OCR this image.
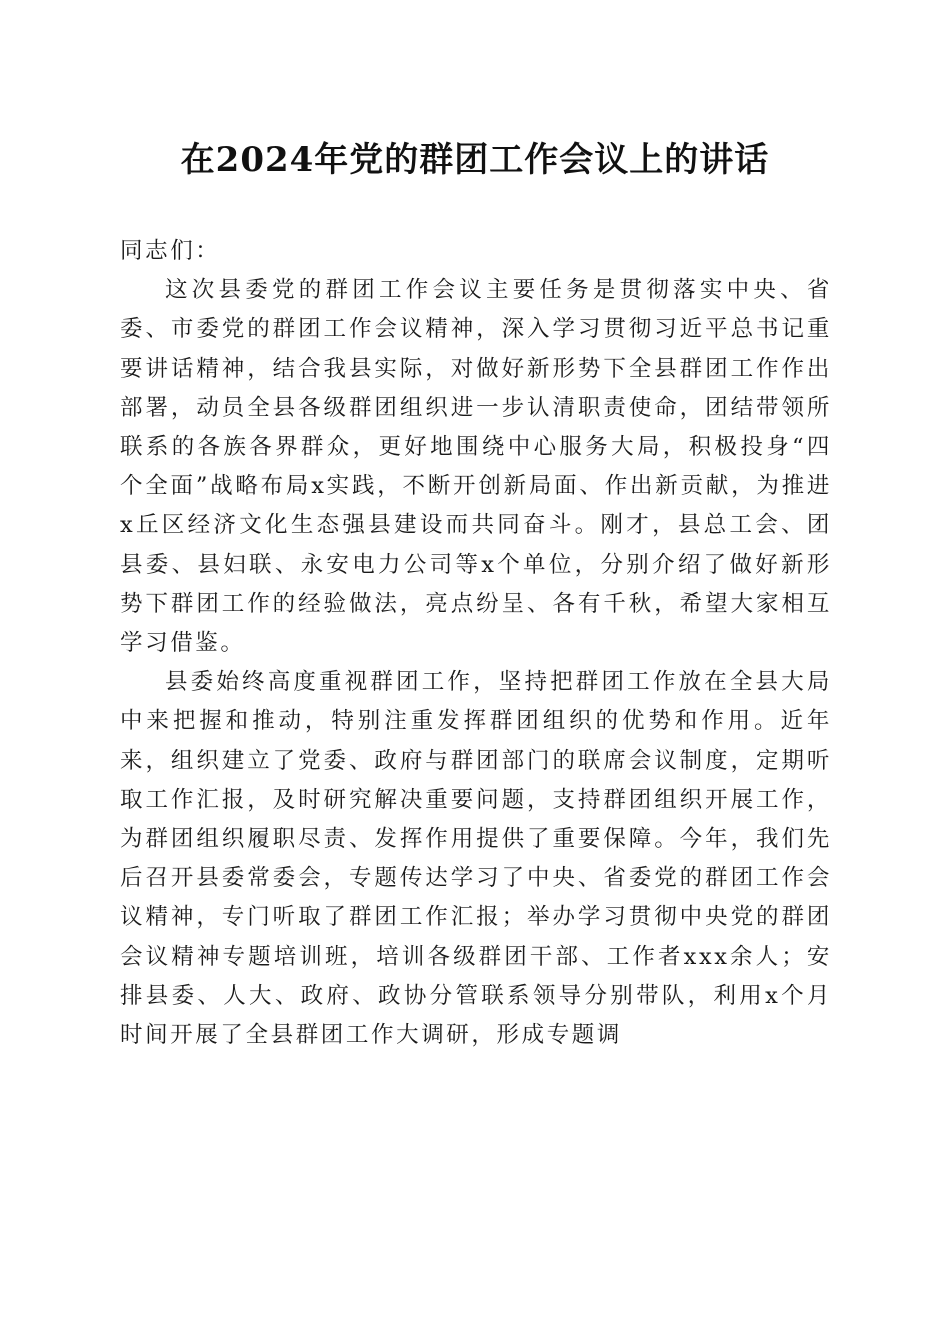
在2024年党的群团工作会议上的讲话

同志们：

这次县委党的群团工作会议主要任务是贯彻落实中央、省委、市委党的群团工作会议精神，深入学习贯彻习近平总书记重要讲话精神，结合我县实际，对做好新形势下全县群团工作作出部署，动员全县各级群团组织进一步认清职责使命，团结带领所联系的各族各界群众，更好地围绕中心服务大局，积极投身“四个全面”战略布局x实践，不断开创新局面、作出新贡献，为推进x丘区经济文化生态强县建设而共同奋斗。刚才，县总工会、团县委、县妇联、永安电力公司等x个单位，分别介绍了做好新形势下群团工作的经验做法，亮点纷呈、各有千秋，希望大家相互学习借鉴。

县委始终高度重视群团工作，坚持把群团工作放在全县大局中来把握和推动，特别注重发挥群团组织的优势和作用。近年来，组织建立了党委、政府与群团部门的联席会议制度，定期听取工作汇报，及时研究解决重要问题，支持群团组织开展工作，为群团组织履职尽责、发挥作用提供了重要保障。今年，我们先后召开县委常委会，专题传达学习了中央、省委党的群团工作会议精神，专门听取了群团工作汇报；举办学习贯彻中央党的群团会议精神专题培训班，培训各级群团干部、工作者xxx余人；安排县委、人大、政府、政协分管联系领导分别带队，利用x个月时间开展了全县群团工作大调研，形成专题调
